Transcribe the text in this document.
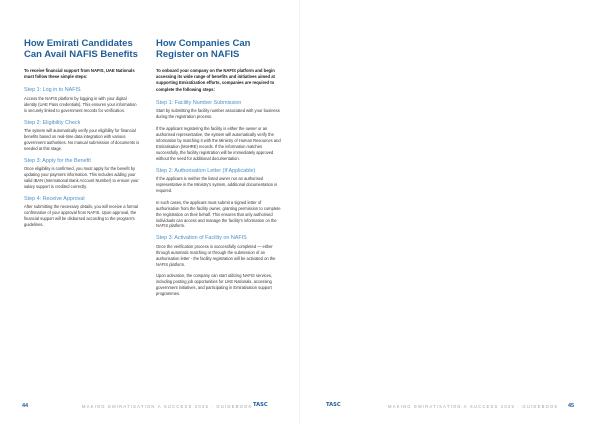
How Emirati Candidates Can Avail NAFIS Benefits
To receive financial support from NAFIS, UAE Nationals must follow these simple steps:
Step 1: Log in to NAFIS

Access the NAFIS platform by logging in with your digital identity (UAE Pass credentials). This ensures your information is securely linked to government records for verification.

Step 2: Eligibility Check

The system will automatically verify your eligibility for financial benefits based on real-time data integration with various government authorities. No manual submission of documents is needed at this stage.

Step 3: Apply for the Benefit

Once eligibility is confirmed, you must apply for the benefit by updating your payment information. This includes adding your valid IBAN (International Bank Account Number) to ensure your salary support is credited correctly.

Step 4: Receive Approval

After submitting the necessary details, you will receive a formal confirmation of your approval from NAFIS. Upon approval, the financial support will be disbursed according to the program's guidelines.

How Companies Can Register on NAFIS
To onboard your company on the NAFIS platform and begin accessing its wide range of benefits and initiatives aimed at supporting Emiratization efforts, companies are required to complete the following steps:
Step 1: Facility Number Submission

Start by submitting the facility number associated with your business during the registration process.

If the applicant registering the facility is either the owner or an authorised representative, the system will automatically verify the information by matching it with the Ministry of Human Resources and Emiratisation (MoHRE) records. If the information matches successfully, the facility registration will be immediately approved without the need for additional documentation.

Step 2: Authorisation Letter (If Applicable)

If the applicant is neither the listed owner nor an authorised representative in the Ministry's system, additional documentation is required.

In such cases, the applicant must submit a signed letter of authorisation from the facility owner, granting permission to complete the registration on their behalf. This ensures that only authorised individuals can access and manage the facility's information on the NAFIS platform.

Step 3: Activation of Facility on NAFIS

Once the verification process is successfully completed — either through automatic matching or through the submission of an authorisation letter - the facility registration will be activated on the NAFIS platform.

Upon activation, the company can start utilizing NAFIS services, including posting job opportunities for UAE Nationals, accessing government initiatives, and participating in Emiratisation support programmes.

44	MAKING EMIRATISATION A SUCCESS 2025 · GUIDEBOOK TASC	TASC	MAKING EMIRATISATION A SUCCESS 2025 · GUIDEBOOK 45
